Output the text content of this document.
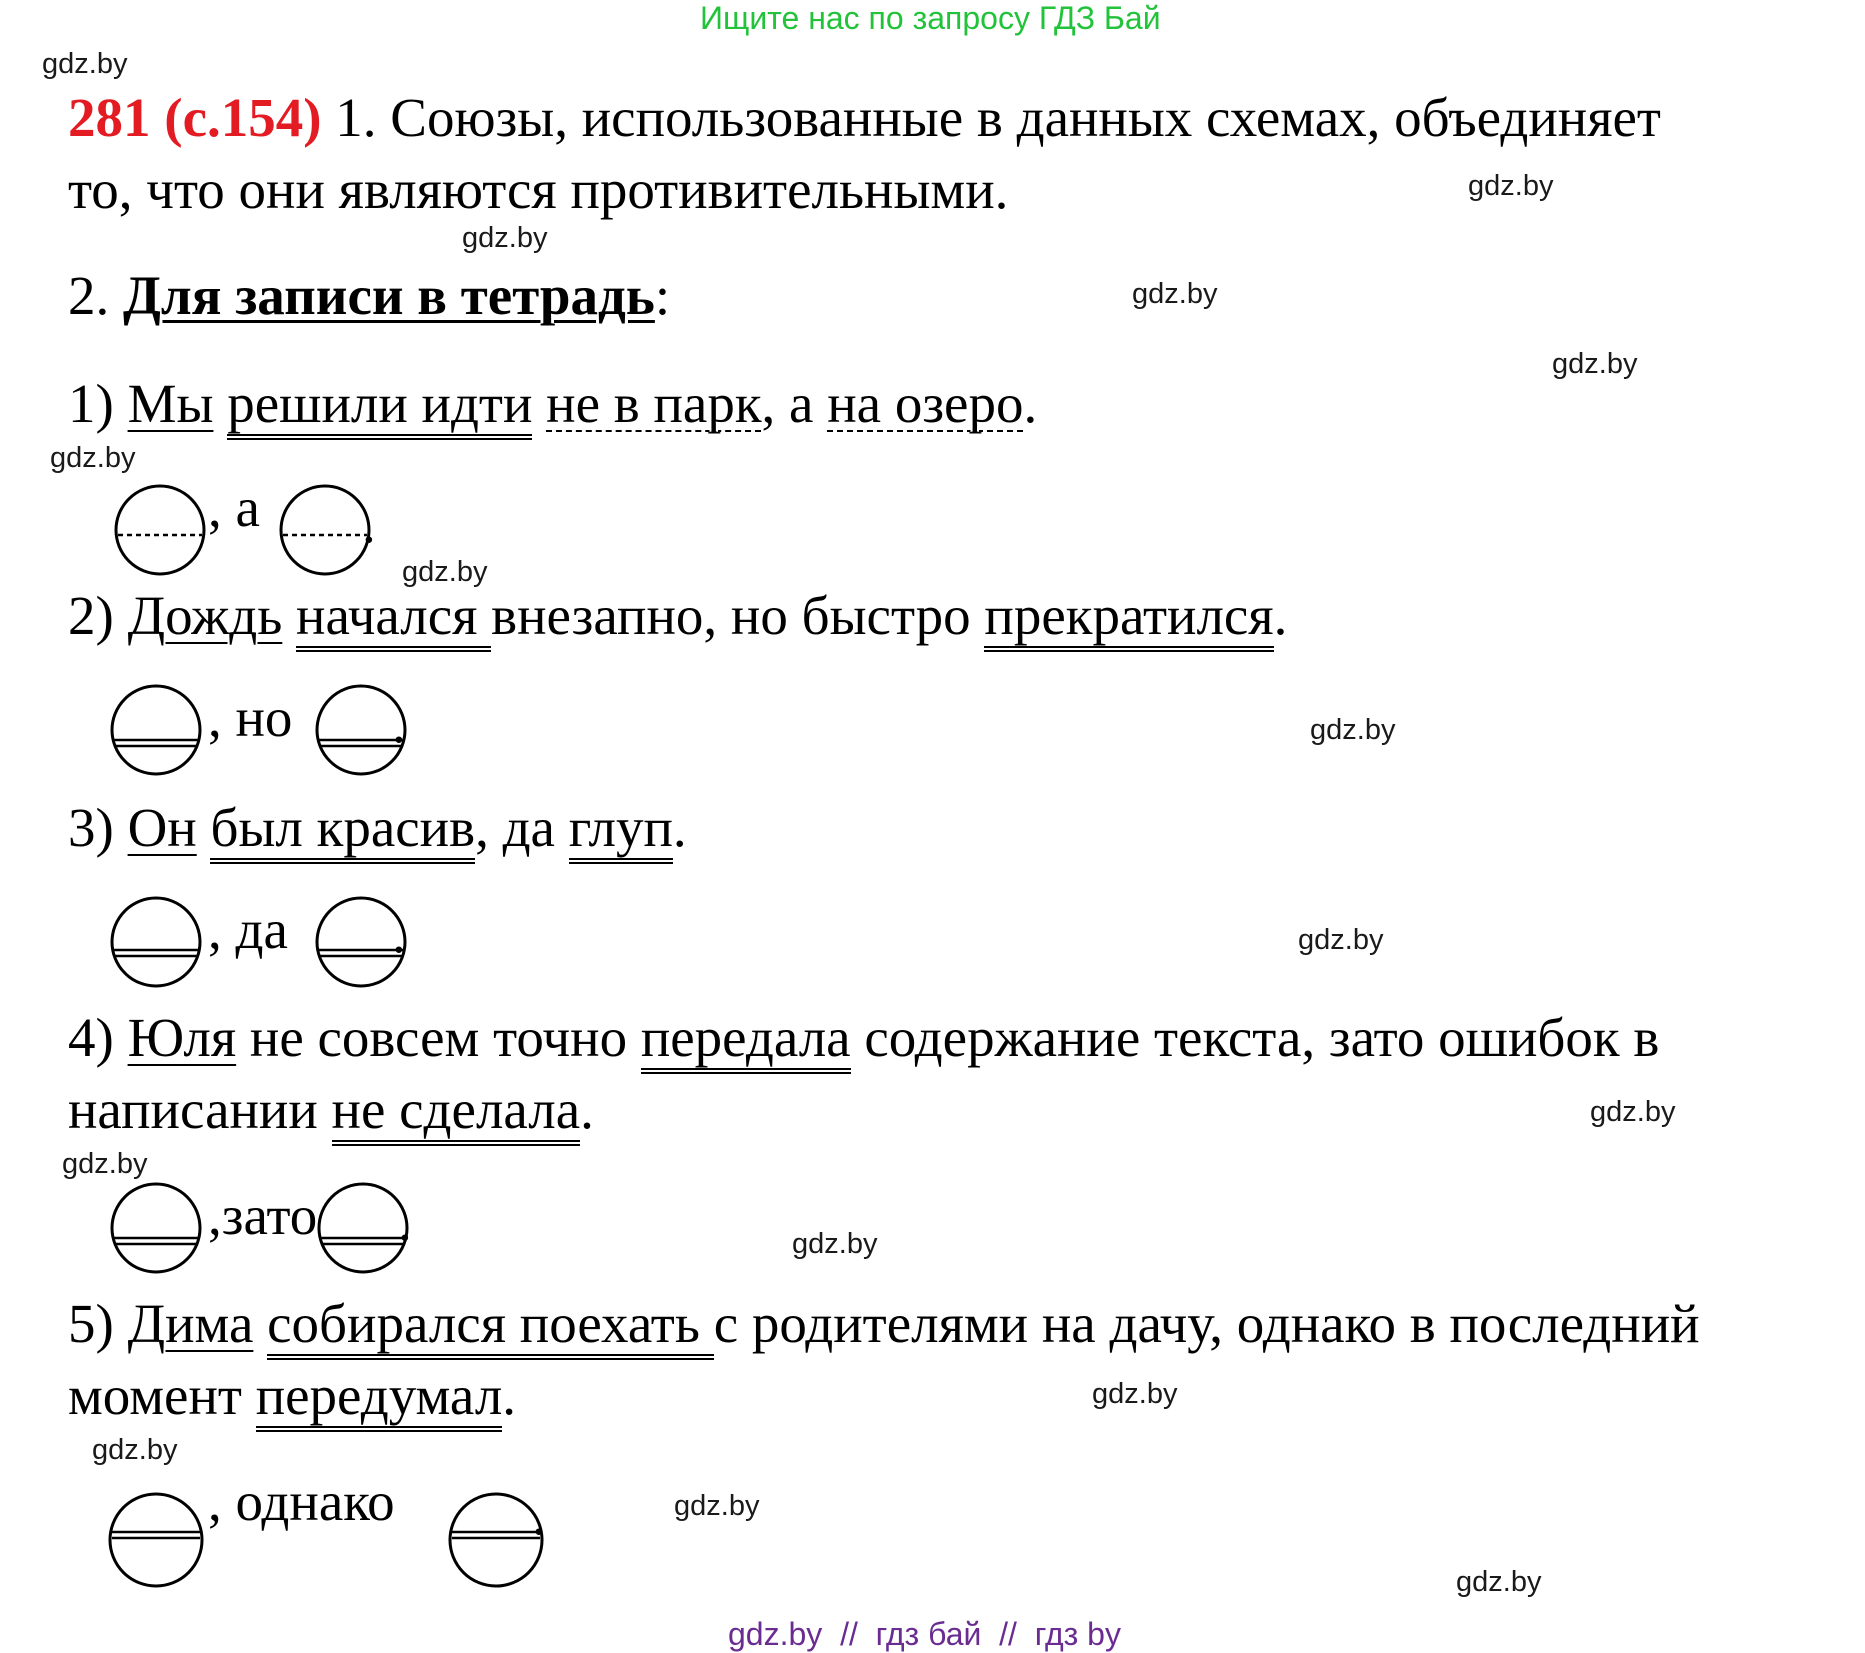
Ищите нас по запросу ГДЗ Бай
gdz.by
gdz.by
gdz.by
gdz.by
gdz.by
gdz.by
gdz.by
gdz.by
gdz.by
gdz.by
gdz.by
gdz.by
gdz.by
gdz.by
gdz.by
gdz.by
281 (с.154) 1. Союзы, использованные в данных схемах, объединяет
то, что они являются противительными.
2. Для записи в тетрадь:
1) Мы решили идти не в парк, а на озеро.
, а
2) Дождь начался внезапно, но быстро прекратился.
, но
3) Он был красив, да глуп.
, да
4) Юля не совсем точно передала содержание текста, зато ошибок в
написании не сделала.
,зато
5) Дима собирался поехать с родителями на дачу, однако в последний
момент передумал.
, однако
.
.
.
.
.
gdz.by  //  гдз бай  //  гдз by
